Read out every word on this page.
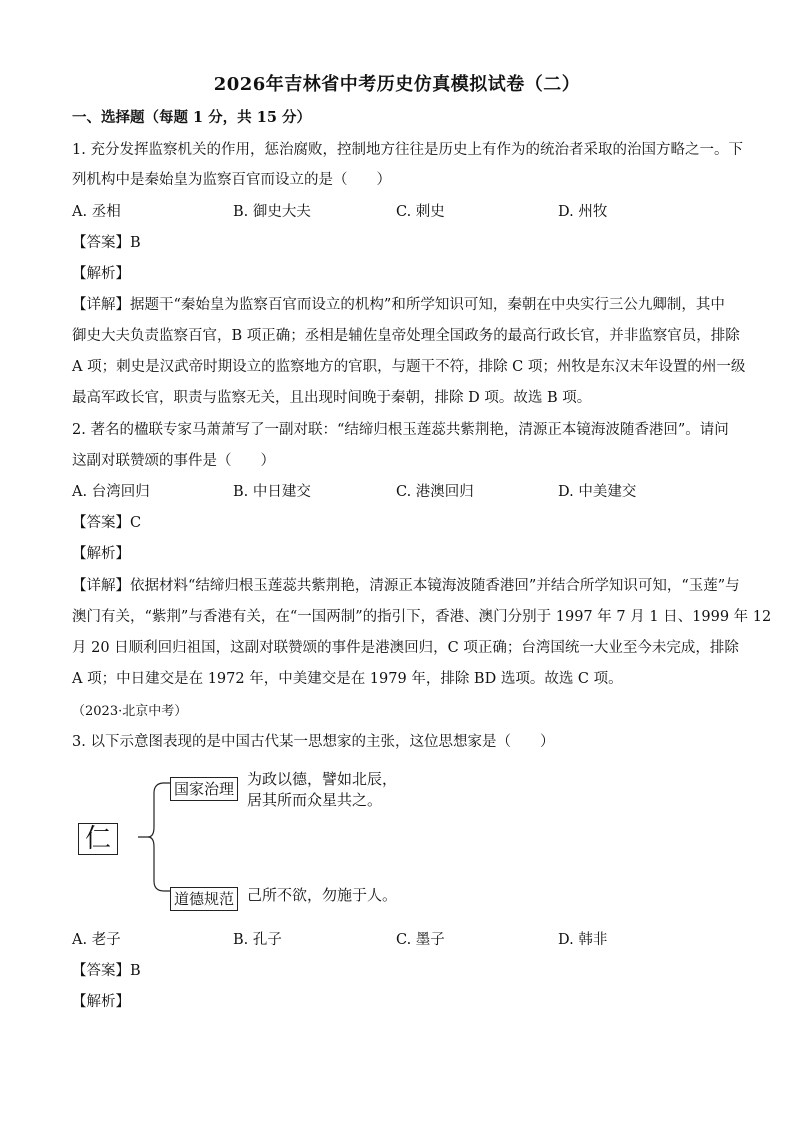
2026年吉林省中考历史仿真模拟试卷（二）
一、选择题（每题 1 分，共 15 分）
1. 充分发挥监察机关的作用，惩治腐败，控制地方往往是历史上有作为的统治者采取的治国方略之一。下
列机构中是秦始皇为监察百官而设立的是（　　）
A. 丞相	B. 御史大夫	C. 刺史	D. 州牧
【答案】B
【解析】
【详解】据题干“秦始皇为监察百官而设立的机构”和所学知识可知，秦朝在中央实行三公九卿制，其中
御史大夫负责监察百官，B 项正确；丞相是辅佐皇帝处理全国政务的最高行政长官，并非监察官员，排除
A 项；刺史是汉武帝时期设立的监察地方的官职，与题干不符，排除 C 项；州牧是东汉末年设置的州一级
最高军政长官，职责与监察无关，且出现时间晚于秦朝，排除 D 项。故选 B 项。
2. 著名的楹联专家马萧萧写了一副对联：“结缔归根玉莲蕊共紫荆艳，清源正本镜海波随香港回”。请问
这副对联赞颂的事件是（　　）
A. 台湾回归	B. 中日建交	C. 港澳回归	D. 中美建交
【答案】C
【解析】
【详解】依据材料“结缔归根玉莲蕊共紫荆艳，清源正本镜海波随香港回”并结合所学知识可知，“玉莲”与
澳门有关，“紫荆”与香港有关，在“一国两制”的指引下，香港、澳门分别于 1997 年 7 月 1 日、1999 年 12
月 20 日顺利回归祖国，这副对联赞颂的事件是港澳回归，C 项正确；台湾国统一大业至今未完成，排除
A 项；中日建交是在 1972 年，中美建交是在 1979 年，排除 BD 选项。故选 C 项。
（2023·北京中考）
3. 以下示意图表现的是中国古代某一思想家的主张，这位思想家是（　　）
仁
国家治理
为政以德，譬如北辰，
居其所而众星共之。
道德规范 己所不欲，勿施于人。
A. 老子	B. 孔子	C. 墨子	D. 韩非
【答案】B
【解析】
